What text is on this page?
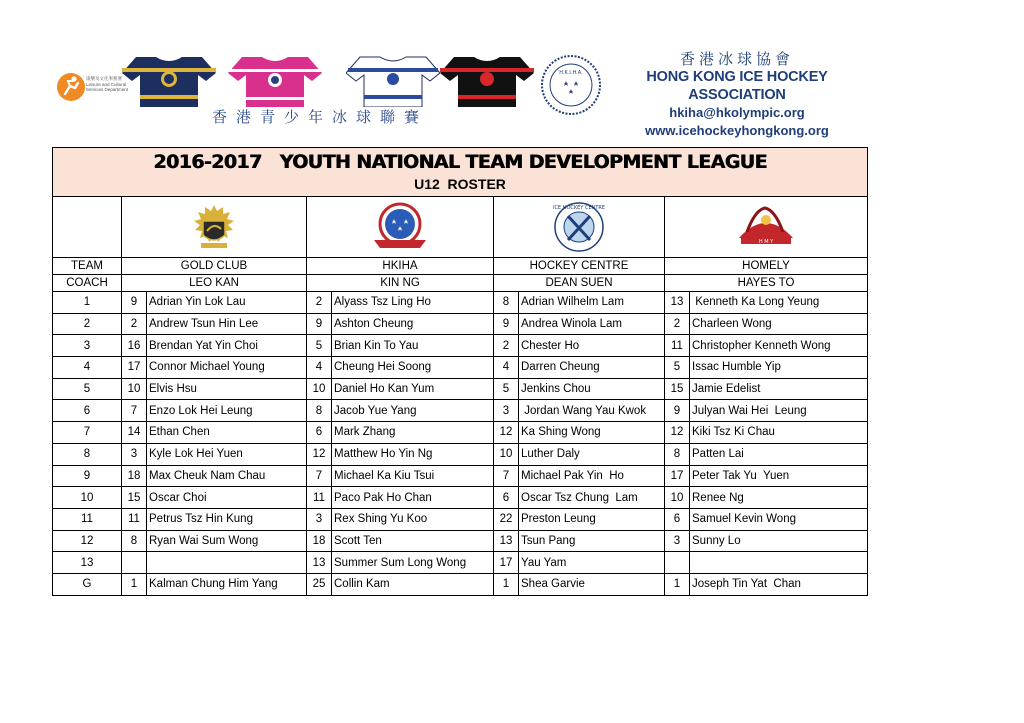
康樂及文化事務署 Leisure and Cultural Services Department
香港青少年冰球聯賽
H.K.I.H.A.
香港冰球協會
HONG KONG ICE HOCKEY ASSOCIATION
hkiha@hkolympic.org
www.icehockeyhongkong.org
2016-2017   YOUTH NATIONAL TEAM DEVELOPMENT LEAGUE
U12  ROSTER								

ICE HOCKEY CENTRE		H M Y	

TEAM	GOLD CLUB		HKIHA		HOCKEY CENTRE		HOMELY	
COACH	LEO KAN		KIN NG		DEAN SUEN		HAYES TO	
1	9	Adrian Yin Lok Lau	2	Alyass Tsz Ling Ho	8	Adrian Wilhelm Lam	13	Kenneth Ka Long Yeung
2	2	Andrew Tsun Hin Lee	9	Ashton Cheung	9	Andrea Winola Lam	2	Charleen Wong
3	16	Brendan Yat Yin Choi	5	Brian Kin To Yau	2	Chester Ho	11	Christopher Kenneth Wong
4	17	Connor Michael Young	4	Cheung Hei Soong	4	Darren Cheung	5	Issac Humble Yip
5	10	Elvis Hsu	10	Daniel Ho Kan Yum	5	Jenkins Chou	15	Jamie Edelist
6	7	Enzo Lok Hei Leung	8	Jacob Yue Yang	3	Jordan Wang Yau Kwok	9	Julyan Wai Hei  Leung
7	14	Ethan Chen	6	Mark Zhang	12	Ka Shing Wong	12	Kiki Tsz Ki Chau
8	3	Kyle Lok Hei Yuen	12	Matthew Ho Yin Ng	10	Luther Daly	8	Patten Lai
9	18	Max Cheuk Nam Chau	7	Michael Ka Kiu Tsui	7	Michael Pak Yin  Ho	17	Peter Tak Yu  Yuen
10	15	Oscar Choi	11	Paco Pak Ho Chan	6	Oscar Tsz Chung  Lam	10	Renee Ng
11	11	Petrus Tsz Hin Kung	3	Rex Shing Yu Koo	22	Preston Leung	6	Samuel Kevin Wong
12	8	Ryan Wai Sum Wong	18	Scott Ten	13	Tsun Pang	3	Sunny Lo
13			13	Summer Sum Long Wong	17	Yau Yam		
G	1	Kalman Chung Him Yang	25	Collin Kam	1	Shea Garvie	1	Joseph Tin Yat  Chan
